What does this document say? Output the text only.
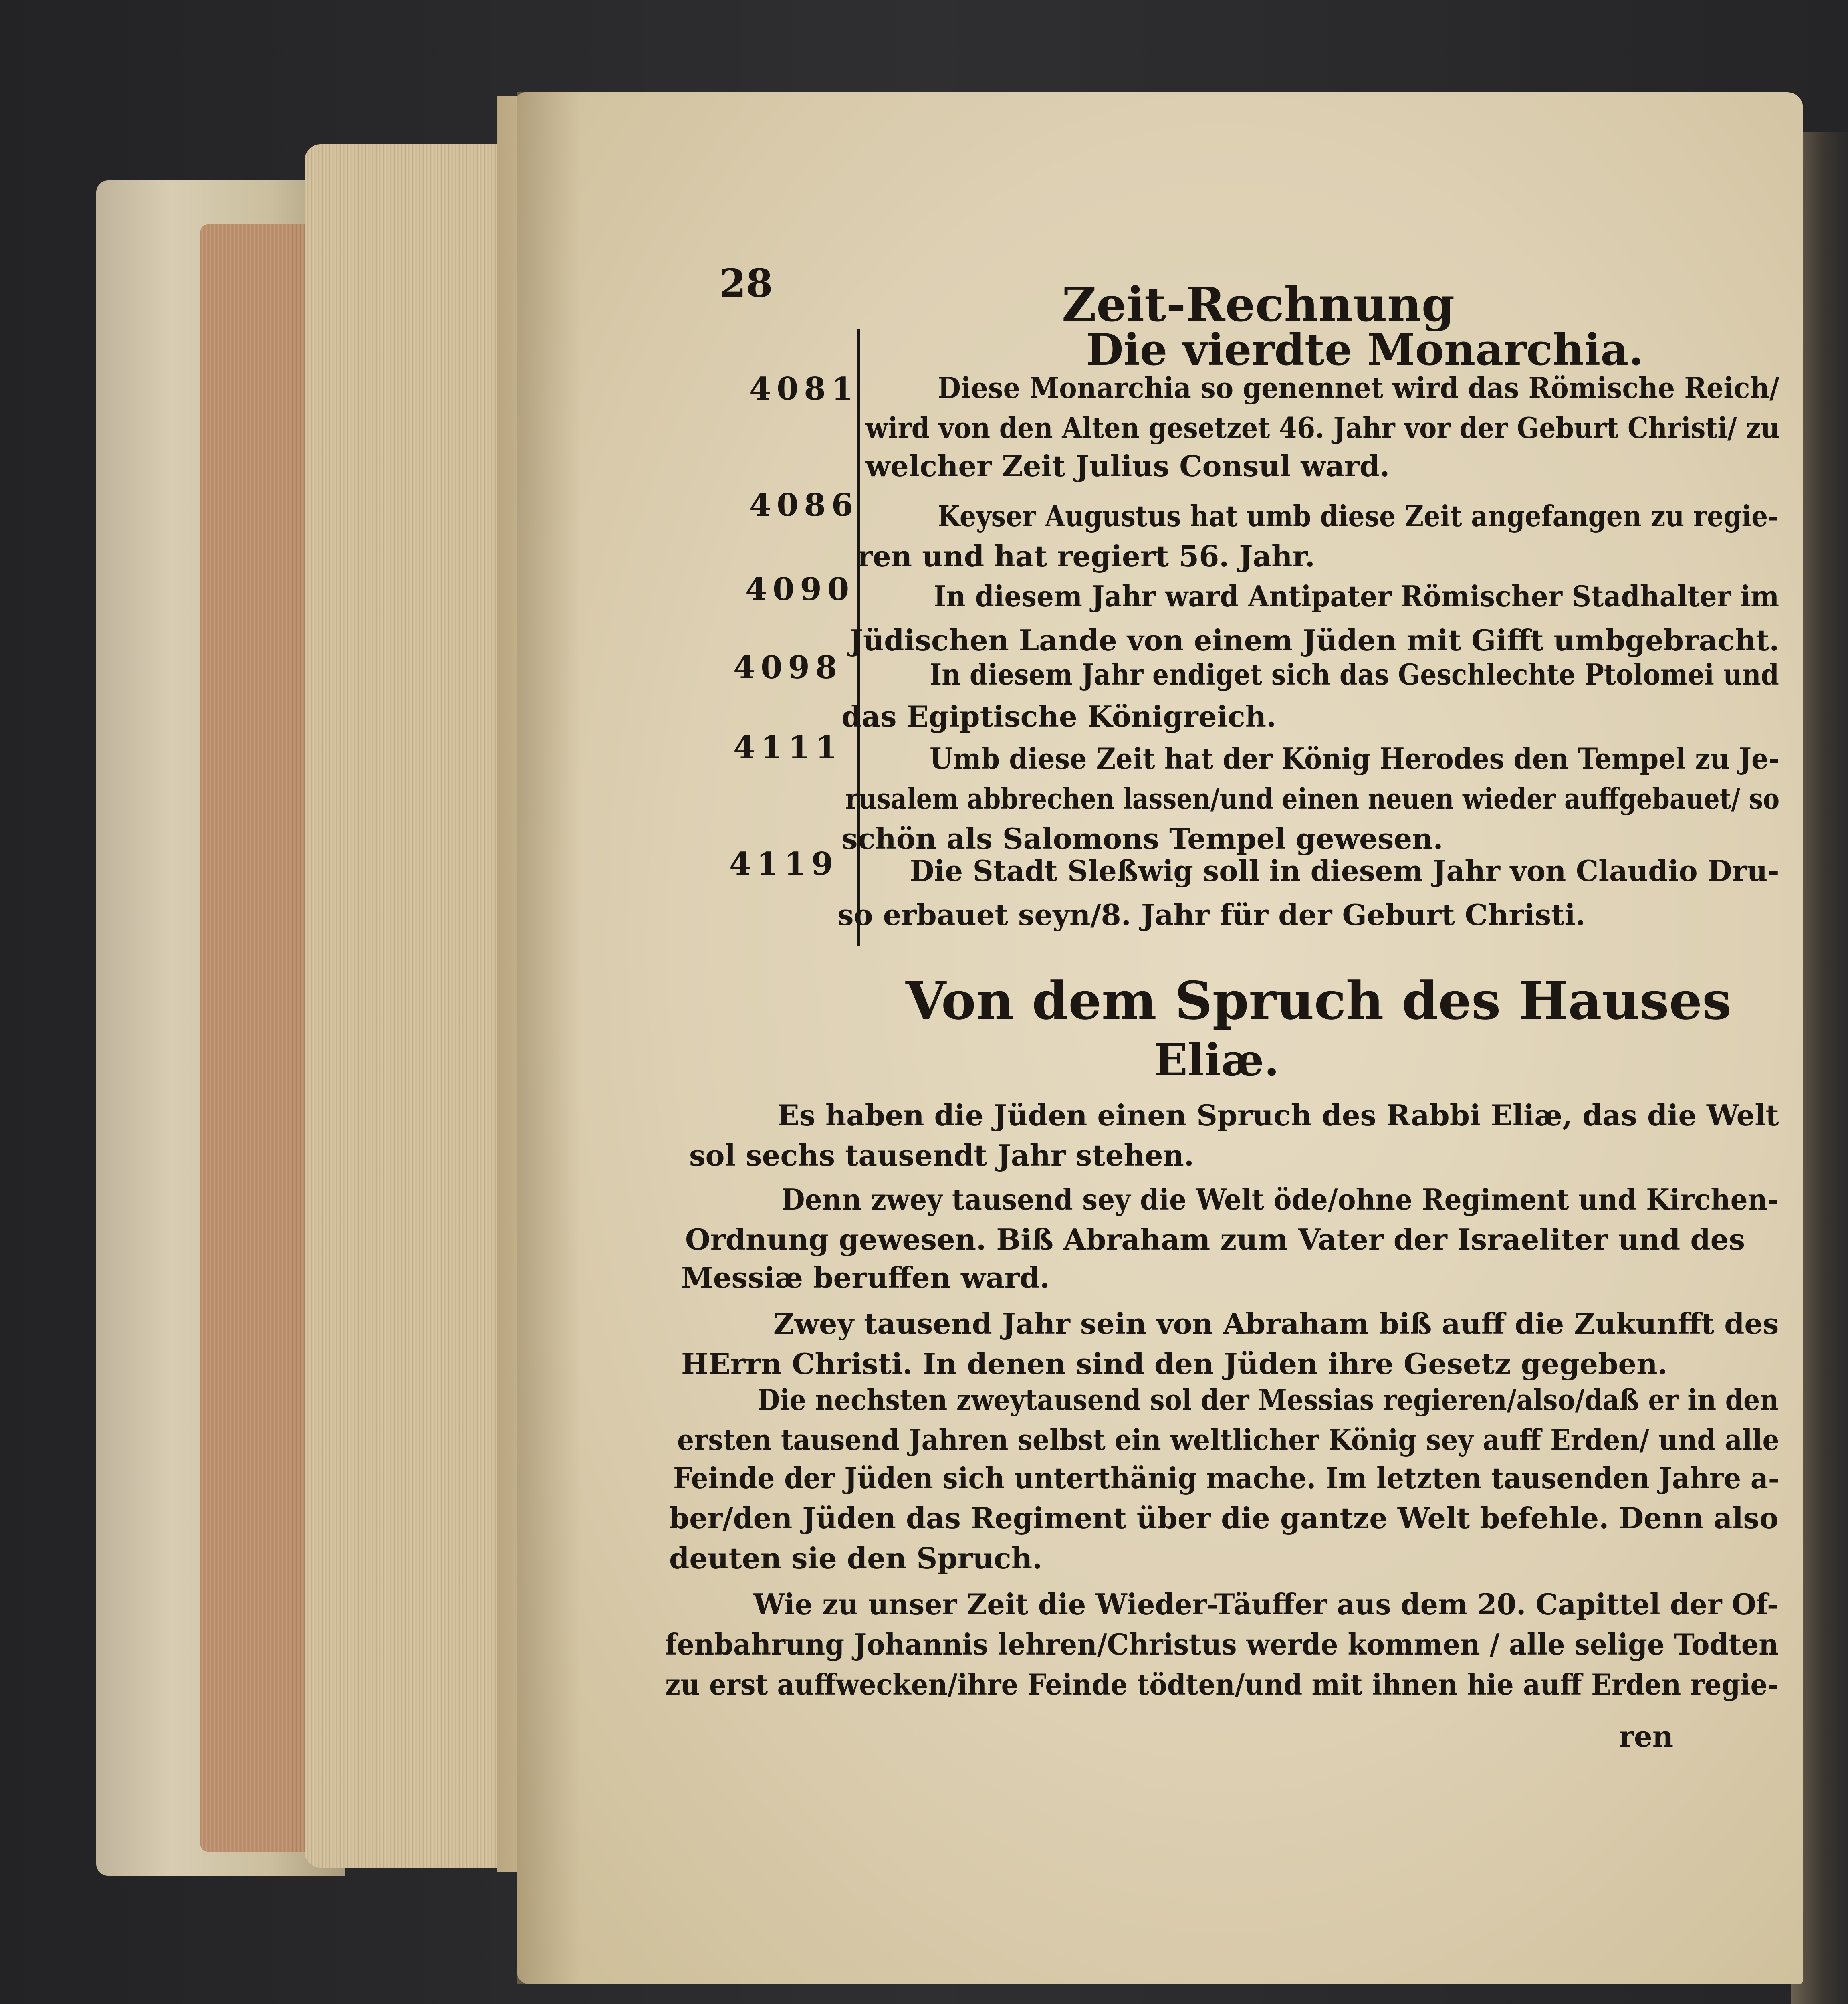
28	Zeit-Rechnung
Die vierdte Monarchia.
4081	Diese Monarchia so genennet wird das Römische Reich/
wird von den Alten gesetzet 46. Jahr vor der Geburt Christi/ zu
welcher Zeit Julius Consul ward.
4086	Keyser Augustus hat umb diese Zeit angefangen zu regie-
ren und hat regiert 56. Jahr.
4090	In diesem Jahr ward Antipater Römischer Stadhalter im
Jüdischen Lande von einem Jüden mit Gifft umbgebracht.
4098	In diesem Jahr endiget sich das Geschlechte Ptolomei und
das Egiptische Königreich.
4111	Umb diese Zeit hat der König Herodes den Tempel zu Je-
rusalem abbrechen lassen/und einen neuen wieder auffgebauet/ so
schön als Salomons Tempel gewesen.
4119 Die Stadt Sleßwig soll in diesem Jahr von Claudio Dru-
so erbauet seyn/8. Jahr für der Geburt Christi.
Von dem Spruch des Hauses
Eliæ.
Es haben die Jüden einen Spruch des Rabbi Eliæ, das die Welt
sol sechs tausendt Jahr stehen.
Denn zwey tausend sey die Welt öde/ohne Regiment und Kirchen-
Ordnung gewesen. Biß Abraham zum Vater der Israeliter und des
Messiæ beruffen ward.
Zwey tausend Jahr sein von Abraham biß auff die Zukunfft des
HErrn Christi. In denen sind den Jüden ihre Gesetz gegeben.
Die nechsten zweytausend sol der Messias regieren/also/daß er in den
ersten tausend Jahren selbst ein weltlicher König sey auff Erden/ und alle
Feinde der Jüden sich unterthänig mache. Im letzten tausenden Jahre a-
ber/den Jüden das Regiment über die gantze Welt befehle. Denn also
deuten sie den Spruch.
Wie zu unser Zeit die Wieder-Täuffer aus dem 20. Capittel der Of-
fenbahrung Johannis lehren/Christus werde kommen / alle selige Todten
zu erst auffwecken/ihre Feinde tödten/und mit ihnen hie auff Erden regie-
ren
